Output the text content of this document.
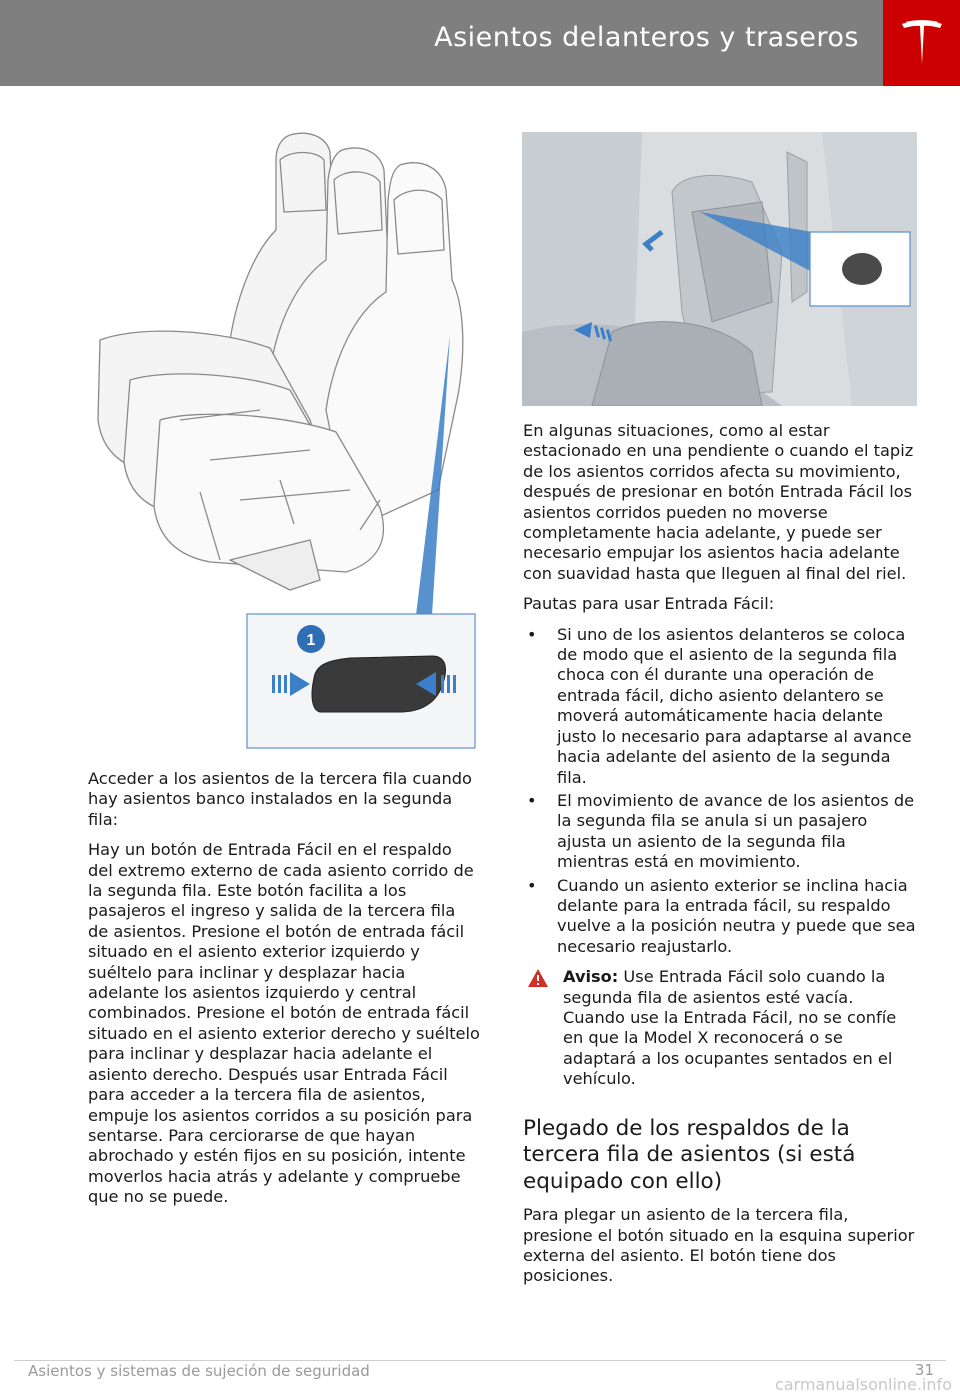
Asientos delanteros y traseros
1

Acceder a los asientos de la tercera fila cuando hay asientos banco instalados en la segunda fila:

Hay un botón de Entrada Fácil en el respaldo del extremo externo de cada asiento corrido de la segunda fila. Este botón facilita a los pasajeros el ingreso y salida de la tercera fila de asientos. Presione el botón de entrada fácil situado en el asiento exterior izquierdo y suéltelo para inclinar y desplazar hacia adelante los asientos izquierdo y central combinados. Presione el botón de entrada fácil situado en el asiento exterior derecho y suéltelo para inclinar y desplazar hacia adelante el asiento derecho. Después usar Entrada Fácil para acceder a la tercera fila de asientos, empuje los asientos corridos a su posición para sentarse. Para cerciorarse de que hayan abrochado y estén fijos en su posición, intente moverlos hacia atrás y adelante y compruebe que no se puede.

En algunas situaciones, como al estar estacionado en una pendiente o cuando el tapiz de los asientos corridos afecta su movimiento, después de presionar en botón Entrada Fácil los asientos corridos pueden no moverse completamente hacia adelante, y puede ser necesario empujar los asientos hacia adelante con suavidad hasta que lleguen al final del riel.

Pautas para usar Entrada Fácil:

• Si uno de los asientos delanteros se coloca de modo que el asiento de la segunda fila choca con él durante una operación de entrada fácil, dicho asiento delantero se moverá automáticamente hacia delante justo lo necesario para adaptarse al avance hacia adelante del asiento de la segunda fila.
• El movimiento de avance de los asientos de la segunda fila se anula si un pasajero ajusta un asiento de la segunda fila mientras está en movimiento.
• Cuando un asiento exterior se inclina hacia delante para la entrada fácil, su respaldo vuelve a la posición neutra y puede que sea necesario reajustarlo.
Aviso: Use Entrada Fácil solo cuando la segunda fila de asientos esté vacía. Cuando use la Entrada Fácil, no se confíe en que la Model X reconocerá o se adaptará a los ocupantes sentados en el vehículo.
Plegado de los respaldos de la tercera fila de asientos (si está equipado con ello)

Para plegar un asiento de la tercera fila, presione el botón situado en la esquina superior externa del asiento. El botón tiene dos posiciones.

Asientos y sistemas de sujeción de seguridad	31
carmanualsonline.info
